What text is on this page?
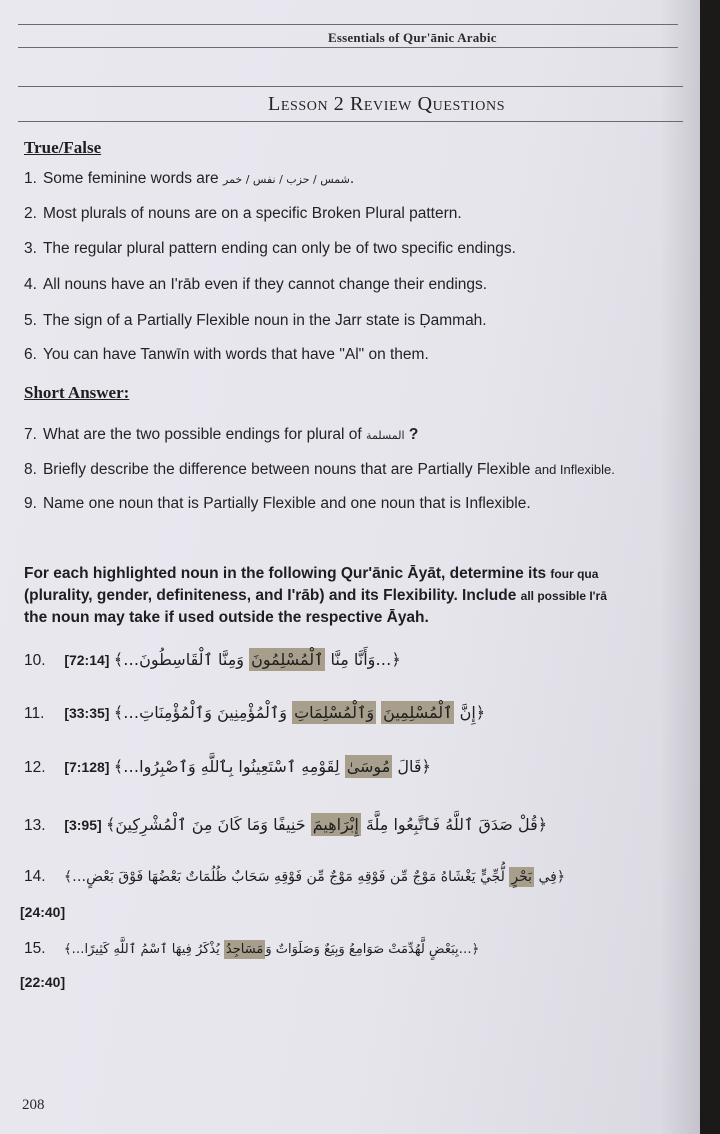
Essentials of Qur'ānic Arabic
Lesson 2 Review Questions
True/False
1. Some feminine words are شمس / حزب / نفس / خمر.
2. Most plurals of nouns are on a specific Broken Plural pattern.
3. The regular plural pattern ending can only be of two specific endings.
4. All nouns have an I'rāb even if they cannot change their endings.
5. The sign of a Partially Flexible noun in the Jarr state is Ḍammah.
6. You can have Tanwīn with words that have "Al" on them.
Short Answer:
7. What are the two possible endings for plural of المسلمة ?
8. Briefly describe the difference between nouns that are Partially Flexible and Inflexible.
9. Name one noun that is Partially Flexible and one noun that is Inflexible.
For each highlighted noun in the following Qur'ānic Āyāt, determine its four qua
(plurality, gender, definiteness, and I'rāb) and its Flexibility. Include all possible I'rā
the noun may take if used outside the respective Āyah.
10.	﴿…وَأَنَّا مِنَّا ٱلْمُسْلِمُونَ وَمِنَّا ٱلْقَاسِطُونَ…﴾ [72:14]
11.	﴿إِنَّ ٱلْمُسْلِمِينَ وَٱلْمُسْلِمَاتِ وَٱلْمُؤْمِنِينَ وَٱلْمُؤْمِنَاتِ…﴾ [33:35]
12.	﴿قَالَ مُوسَىٰ لِقَوْمِهِ ٱسْتَعِينُوا بِٱللَّهِ وَٱصْبِرُوا…﴾ [7:128]
13.	﴿قُلْ صَدَقَ ٱللَّهُ فَٱتَّبِعُوا مِلَّةَ إِبْرَاهِيمَ حَنِيفًا وَمَا كَانَ مِنَ ٱلْمُشْرِكِينَ﴾ [3:95]
14.	﴿فِي بَحْرٍ لُّجِّيٍّ يَغْشَاهُ مَوْجٌ مِّن فَوْقِهِ مَوْجٌ مِّن فَوْقِهِ سَحَابٌ ظُلُمَاتٌ بَعْضُهَا فَوْقَ بَعْضٍ…﴾
[24:40]
15.	﴿…بِبَعْضٍ لَّهُدِّمَتْ صَوَامِعُ وَبِيَعٌ وَصَلَوَاتٌ وَمَسَاجِدُ يُذْكَرُ فِيهَا ٱسْمُ ٱللَّهِ كَثِيرًا…﴾
[22:40]
208
